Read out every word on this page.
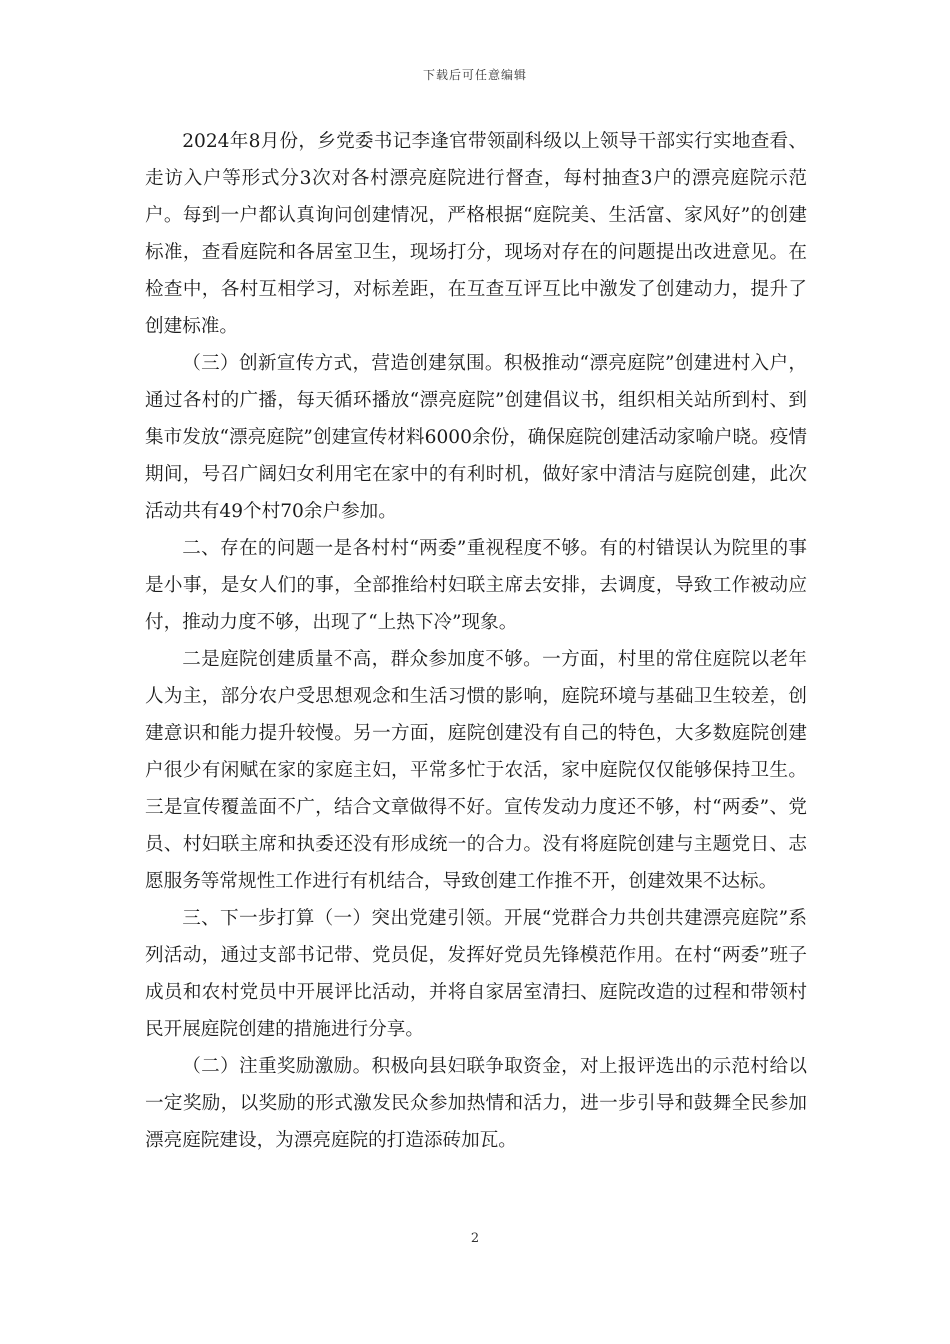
下载后可任意编辑

2024年8月份，乡党委书记李逢官带领副科级以上领导干部实行实地查看、走访入户等形式分3次对各村漂亮庭院进行督查，每村抽查3户的漂亮庭院示范户。每到一户都认真询问创建情况，严格根据“庭院美、生活富、家风好”的创建标准，查看庭院和各居室卫生，现场打分，现场对存在的问题提出改进意见。在检查中，各村互相学习，对标差距，在互查互评互比中激发了创建动力，提升了创建标准。

（三）创新宣传方式，营造创建氛围。积极推动“漂亮庭院”创建进村入户，通过各村的广播，每天循环播放“漂亮庭院”创建倡议书，组织相关站所到村、到集市发放“漂亮庭院”创建宣传材料6000余份，确保庭院创建活动家喻户晓。疫情期间，号召广阔妇女利用宅在家中的有利时机，做好家中清洁与庭院创建，此次活动共有49个村70余户参加。

二、存在的问题一是各村村“两委”重视程度不够。有的村错误认为院里的事是小事，是女人们的事，全部推给村妇联主席去安排，去调度，导致工作被动应付，推动力度不够，出现了“上热下冷”现象。

二是庭院创建质量不高，群众参加度不够。一方面，村里的常住庭院以老年人为主，部分农户受思想观念和生活习惯的影响，庭院环境与基础卫生较差，创建意识和能力提升较慢。另一方面，庭院创建没有自己的特色，大多数庭院创建户很少有闲赋在家的家庭主妇，平常多忙于农活，家中庭院仅仅能够保持卫生。三是宣传覆盖面不广，结合文章做得不好。宣传发动力度还不够，村“两委”、党员、村妇联主席和执委还没有形成统一的合力。没有将庭院创建与主题党日、志愿服务等常规性工作进行有机结合，导致创建工作推不开，创建效果不达标。

三、下一步打算（一）突出党建引领。开展“党群合力共创共建漂亮庭院”系列活动，通过支部书记带、党员促，发挥好党员先锋模范作用。在村“两委”班子成员和农村党员中开展评比活动，并将自家居室清扫、庭院改造的过程和带领村民开展庭院创建的措施进行分享。

（二）注重奖励激励。积极向县妇联争取资金，对上报评选出的示范村给以一定奖励，以奖励的形式激发民众参加热情和活力，进一步引导和鼓舞全民参加漂亮庭院建设，为漂亮庭院的打造添砖加瓦。

2
